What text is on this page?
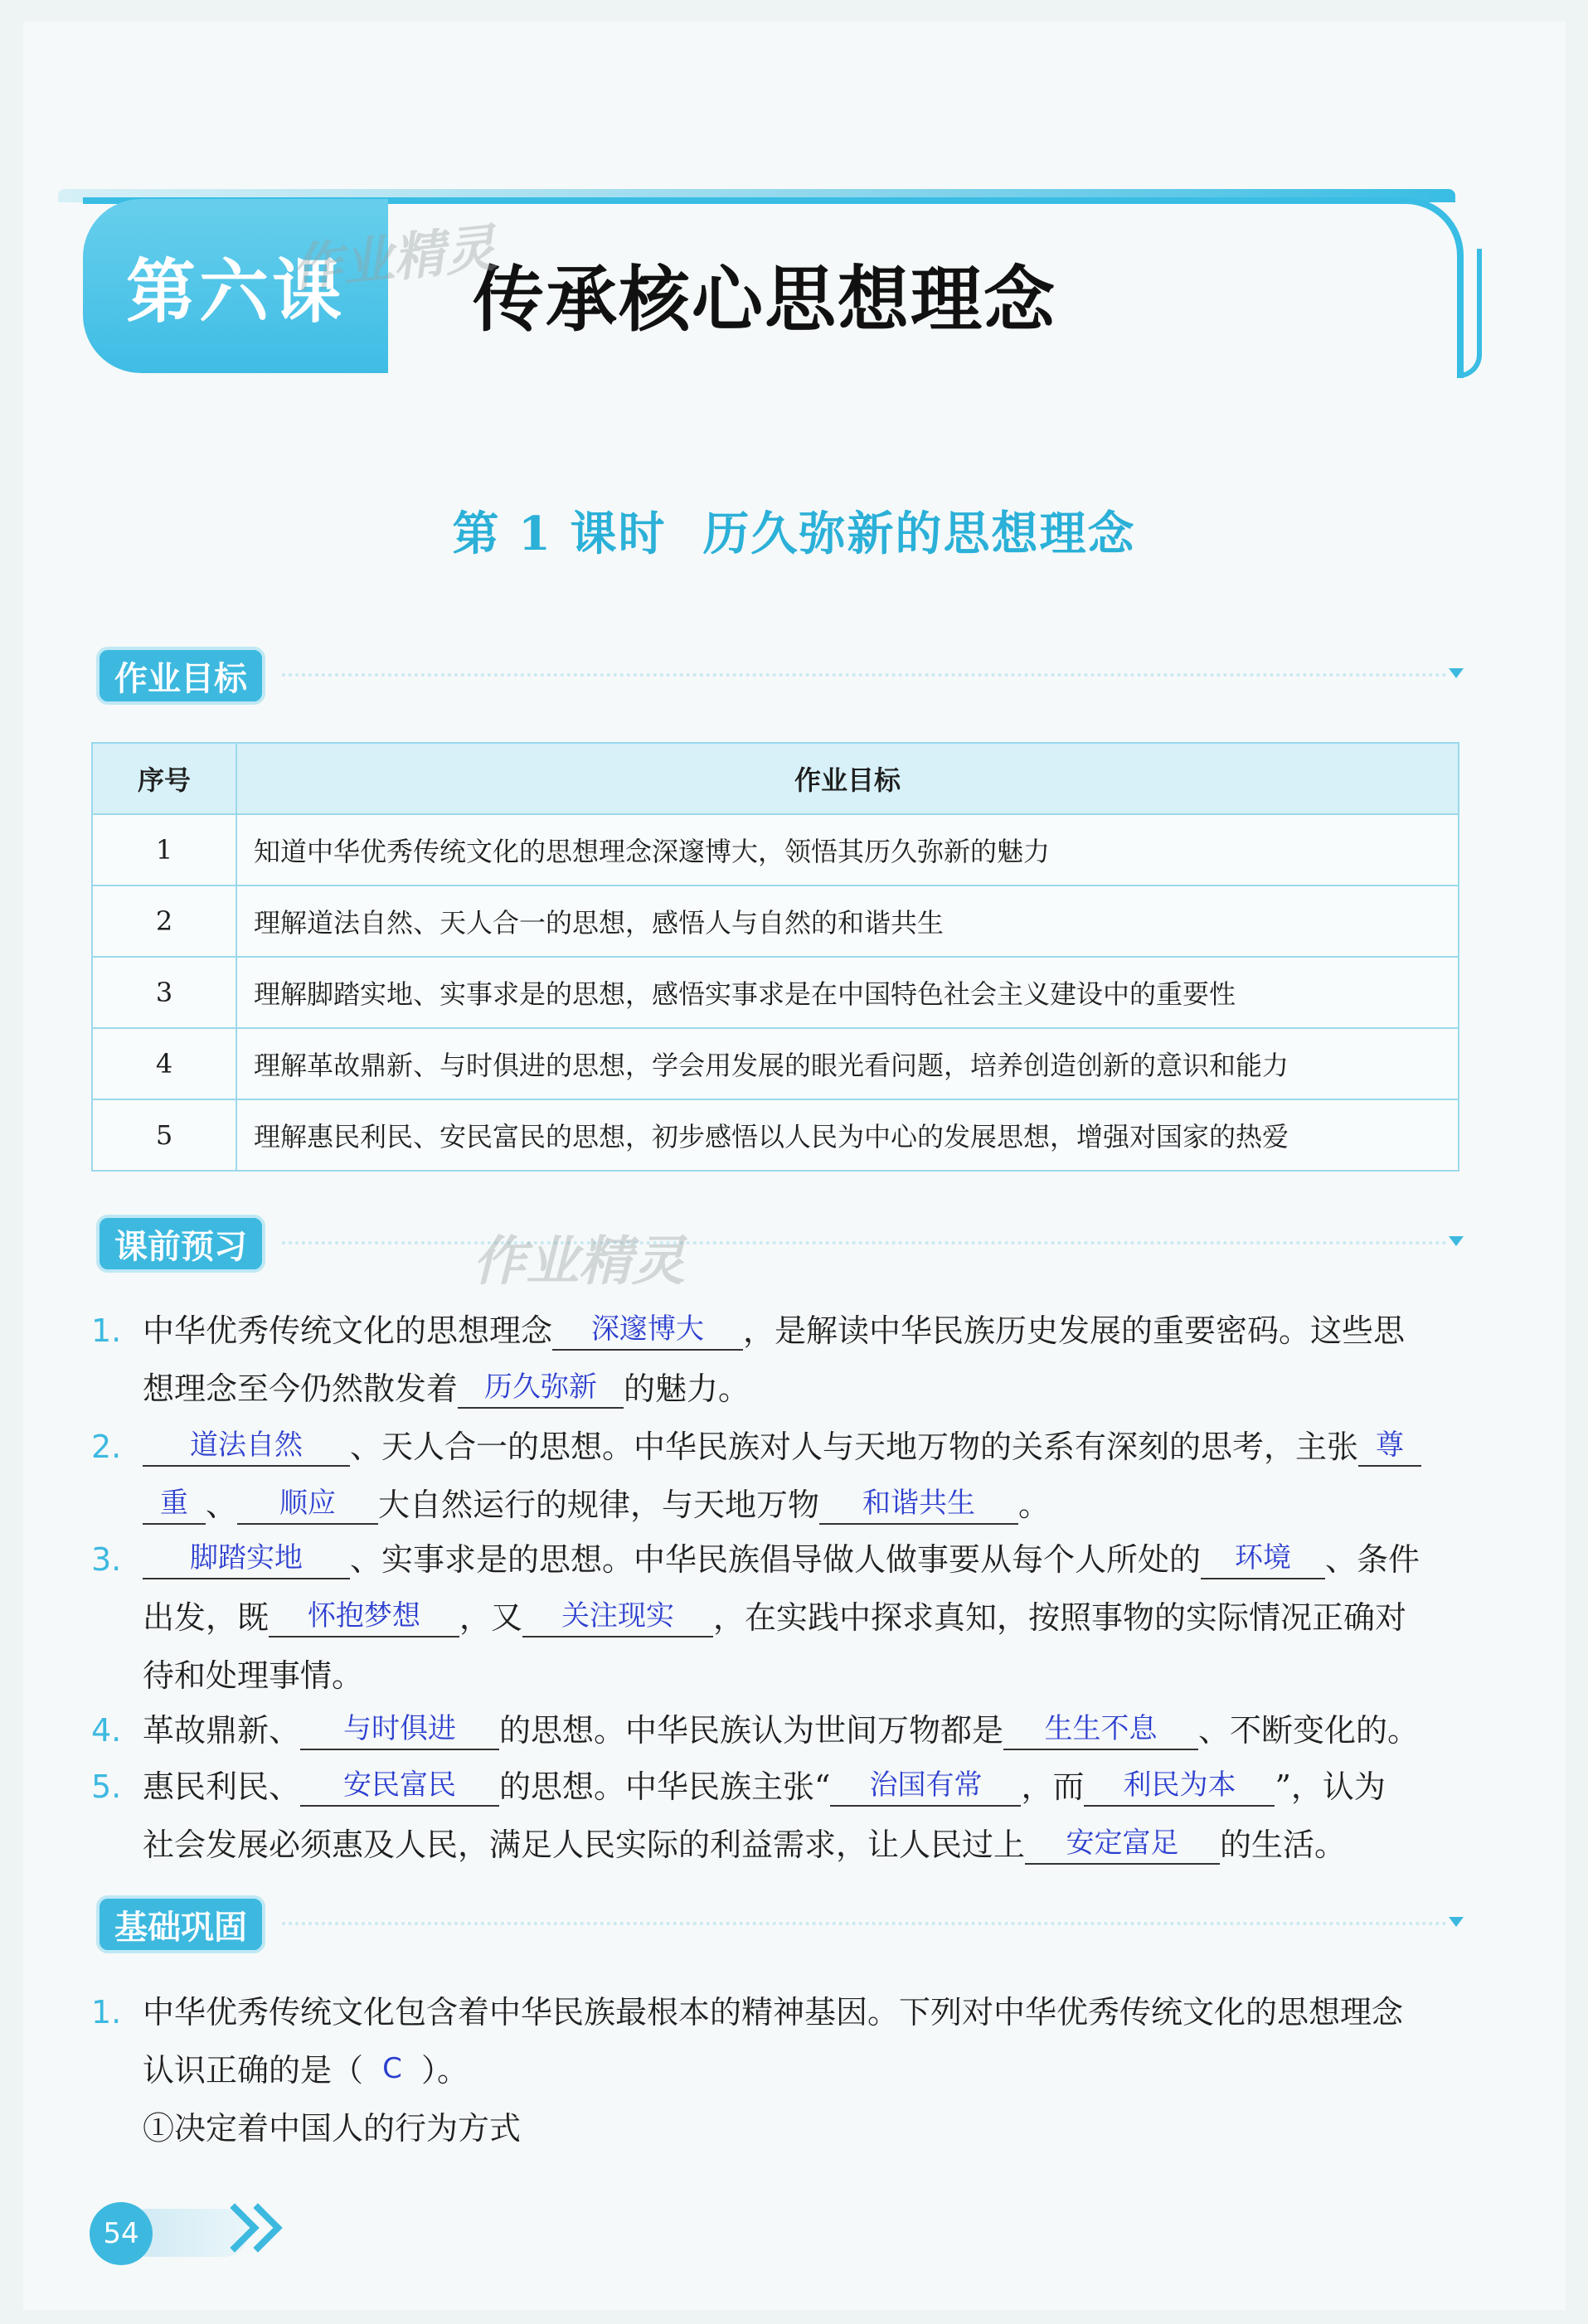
第六课	传承核心思想理念
作业精灵
第 1 课时 历久弥新的思想理念
作业目标
序号	作业目标
1	知道中华优秀传统文化的思想理念深邃博大，领悟其历久弥新的魅力
2	理解道法自然、天人合一的思想，感悟人与自然的和谐共生
3	理解脚踏实地、实事求是的思想，感悟实事求是在中国特色社会主义建设中的重要性
4	理解革故鼎新、与时俱进的思想，学会用发展的眼光看问题，培养创造创新的意识和能力
5	理解惠民利民、安民富民的思想，初步感悟以人民为中心的发展思想，增强对国家的热爱
课前预习	作业精灵
1. 中华优秀传统文化的思想理念 深邃博大 ，是解读中华民族历史发展的重要密码。这些思
想理念至今仍然散发着 历久弥新 的魅力。
2. 道法自然 、天人合一的思想。中华民族对人与天地万物的关系有深刻的思考，主张 尊
重 、 顺应 大自然运行的规律，与天地万物 和谐共生 。
3. 脚踏实地 、实事求是的思想。中华民族倡导做人做事要从每个人所处的 环境 、条件
出发，既 怀抱梦想 ，又 关注现实 ，在实践中探求真知，按照事物的实际情况正确对
待和处理事情。
4. 革故鼎新、 与时俱进 的思想。中华民族认为世间万物都是 生生不息 、不断变化的。
5. 惠民利民、 安民富民 的思想。中华民族主张“ 治国有常 ，而 利民为本 ”，认为
社会发展必须惠及人民，满足人民实际的利益需求，让人民过上 安定富足 的生活。
基础巩固
1. 中华优秀传统文化包含着中华民族最根本的精神基因。下列对中华优秀传统文化的思想理念
认识正确的是（ C ）。
①决定着中国人的行为方式
54
